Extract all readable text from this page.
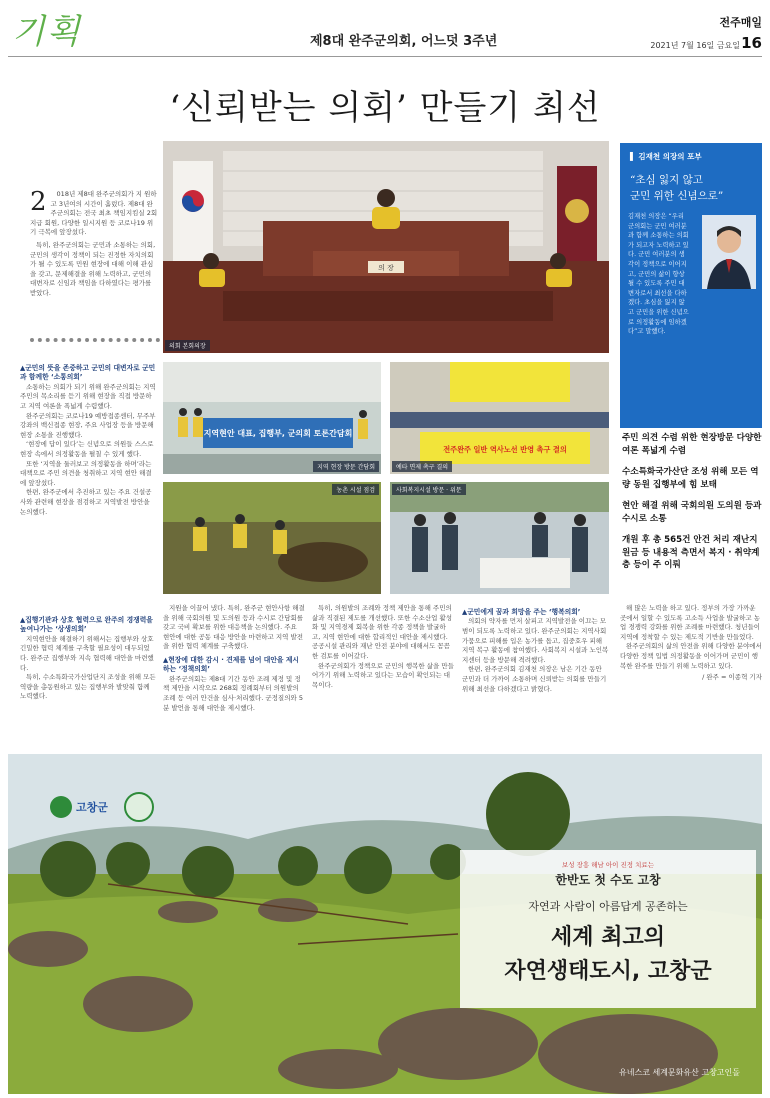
기획	제8대 완주군의회, 어느덧 3주년
전주매일
2021년 7월 16일 금요일 16
‘신뢰받는 의회’ 만들기 최선
2	018년 제8대 완주군의회가 지 원하고 3년여의 시간이 흘렀다. 제8대 완주군의회는 전국 최초 책임지킴실 2회 지급 회원, 다양한 일시지원 등 코로나19 위기 극복에 앞장섰다.

특히, 완주군의회는 군민과 소통하는 의회, 군민의 생각이 정책이 되는 진정한 자치의회가 될 수 있도록 민원 현장에 대해 이해 관심을 갖고, 문제해결을 위해 노력하고, 군민의 대변자로 신임과 책임을 다하였다는 평가를 받았다.

의 장
의회 본회의장
지역현안 대표, 집행부, 군의회 토론간담회
지역 현장 방문 간담회
전주완주 일반 역사노선 반영 촉구 결의
예타 면제 촉구 결의
농촌 시설 점검	사회복지시설 방문 · 위문
▲군민의 뜻을 존중하고 군민의 대변자로 군민과 함께한 ‘소통의회’

소통하는 의회가 되기 위해 완주군의회는 지역주민의 목소리를 듣기 위해 현장을 직접 방문하고 지역 여론을 폭넓게 수렴했다.

완주군의회는 코로나19 예방접종센터, 무주부 강좌의 백신접종 현장, 주요 사업장 등을 방문해 현장 소통을 진행했다.

‘현장에 답이 있다’는 신념으로 의원들 스스로 현장 속에서 의정활동을 펼칠 수 있게 했다.

또한 ‘지역을 둘러보고 의정활동을 하며’라는 대책으로 주민 의견을 청취하고 지역 현안 해결에 앞장섰다.

한편, 완주군에서 추진하고 있는 주요 건설공사와 관련해 현장을 점검하고 지역발전 방안을 논의했다.

▲집행기관과 상호 협력으로 완주의 경쟁력을 높여나가는 ‘상생의회’

지역현안을 해결하기 위해서는 집행부와 상호 긴밀한 협력 체계를 구축할 필요성이 대두되었다. 완주군 집행부와 지속 협력해 대안을 마련했다.

특히, 수소특화국가산업단지 조성을 위해 모든 역량을 총동원하고 있는 집행부와 발맞춰 함께 노력했다.

지원을 이끌어 냈다. 특히, 완주군 현안사항 해결을 위해 국회의원 및 도의원 등과 수시로 간담회를 갖고 국비 확보를 위한 대응책을 논의했다. 주요 현안에 대한 공동 대응 방안을 마련하고 지역 발전을 위한 협력 체계를 구축했다.

▲현장에 대한 감시 · 견제를 넘어 대안을 제시하는 ‘정책의회’

완주군의회는 제8대 기간 동안 조례 제정 및 정책 제안을 시작으로 268회 정례회부터 의원발의 조례 등 여러 안건을 심사·처리했다. 군정질의와 5분 발언을 통해 대안을 제시했다.

특히, 의원발의 조례와 정책 제안을 통해 주민의 삶과 직결된 제도를 개선했다. 또한 수소산업 활성화 및 지역경제 회복을 위한 각종 정책을 발굴하고, 지역 현안에 대한 합리적인 대안을 제시했다. 공공시설 관리와 재난 안전 분야에 대해서도 꼼꼼한 검토를 이어갔다.

완주군의회가 정책으로 군민의 행복한 삶을 만들어가기 위해 노력하고 있다는 모습이 확인되는 대목이다.

▲군민에게 꿈과 희망을 주는 ‘행복의회’

의회의 약자를 먼저 살피고 지역발전을 이끄는 모범이 되도록 노력하고 있다. 완주군의회는 지역사회 가뭄으로 피해를 입은 농가를 돕고, 집중호우 피해 지역 복구 활동에 참여했다. 사회복지 시설과 노인복지센터 등을 방문해 격려했다.

한편, 완주군의회 김재천 의장은 남은 기간 동안 군민과 더 가까이 소통하며 신뢰받는 의회를 만들기 위해 최선을 다하겠다고 밝혔다.

해 많은 노력을 하고 있다. 정부의 가장 가까운 곳에서 일할 수 있도록 고소득 사업을 발굴하고 농업 경쟁력 강화를 위한 조례를 마련했다. 청년들이 지역에 정착할 수 있는 제도적 기반을 만들었다.

완주군의회의 삶의 안전을 위해 다양한 분야에서 다양한 정책 입법 의정활동을 이어가며 군민이 행복한 완주를 만들기 위해 노력하고 있다.

/ 완주 = 이종혁 기자

▌ 김재천 의장의 포부
“초심 잃지 않고
군민 위한 신념으로”
김재천 의장은 “우리 군의회는 군민 여러분과 함께 소통하는 의회가 되고자 노력하고 있다. 군민 여러분의 생각이 정책으로 이어지고, 군민의 삶이 향상될 수 있도록 주민 대변자로서 최선을 다하겠다. 초심을 잃지 않고 군민을 위한 신념으로 의정활동에 임하겠다”고 말했다.
주민 의견 수렴 위한 현장방문 다양한 여론 폭넓게 수렴
수소특화국가산단 조성 위해 모든 역량 동원 집행부에 힘 보태
현안 해결 위해 국회의원 도의원 등과 수시로 소통
개원 후 총 565건 안건 처리 재난지원금 등 내용적 측면서 복지 · 취약계층 등이 주 이뤄
고창군
보성 장흥 해남 아이 진정 치료는
한반도 첫 수도 고창
자연과 사람이 아름답게 공존하는
세계 최고의
자연생태도시, 고창군
유네스코 세계문화유산 고창고인돌
